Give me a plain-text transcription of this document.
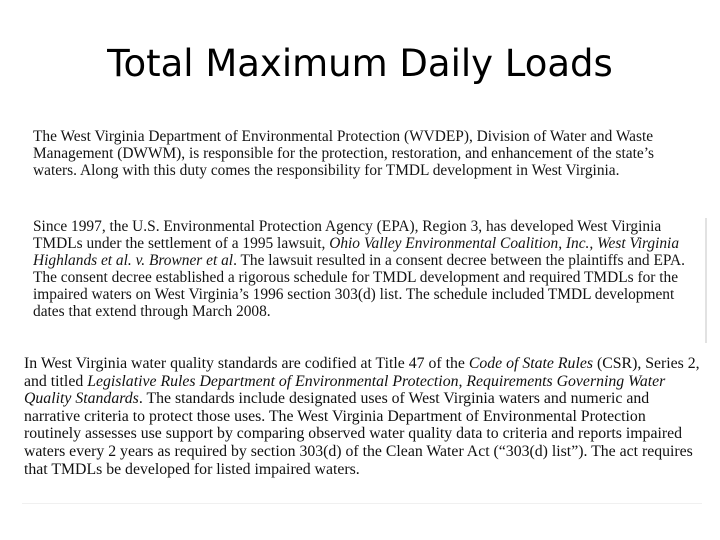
Total Maximum Daily Loads

The West Virginia Department of Environmental Protection (WVDEP), Division of Water and Waste Management (DWWM), is responsible for the protection, restoration, and enhancement of the state’s waters. Along with this duty comes the responsibility for TMDL development in West Virginia.

Since 1997, the U.S. Environmental Protection Agency (EPA), Region 3, has developed West Virginia TMDLs under the settlement of a 1995 lawsuit, Ohio Valley Environmental Coalition, Inc., West Virginia Highlands et al. v. Browner et al. The lawsuit resulted in a consent decree between the plaintiffs and EPA. The consent decree established a rigorous schedule for TMDL development and required TMDLs for the impaired waters on West Virginia’s 1996 section 303(d) list. The schedule included TMDL development dates that extend through March 2008.

In West Virginia water quality standards are codified at Title 47 of the Code of State Rules (CSR), Series 2, and titled Legislative Rules Department of Environmental Protection, Requirements Governing Water Quality Standards. The standards include designated uses of West Virginia waters and numeric and narrative criteria to protect those uses. The West Virginia Department of Environmental Protection routinely assesses use support by comparing observed water quality data to criteria and reports impaired waters every 2 years as required by section 303(d) of the Clean Water Act (“303(d) list”). The act requires that TMDLs be developed for listed impaired waters.
